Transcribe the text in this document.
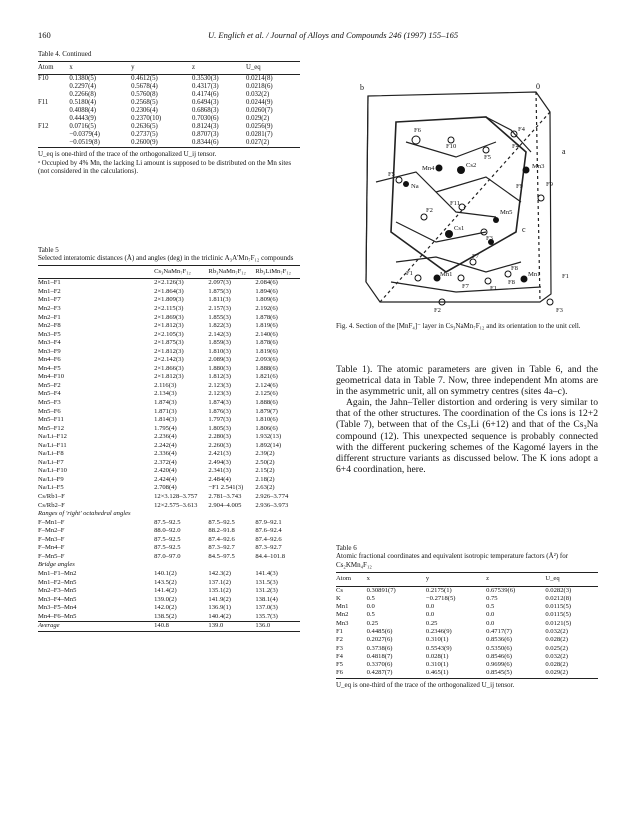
160	U. Englich et al. / Journal of Alloys and Compounds 246 (1997) 155–165
Table 4. Continued
Atom	x	y	z	U_eq
F10	0.1380(5)	0.4612(5)	0.3530(3)	0.0214(8)
	0.2297(4)	0.5678(4)	0.4317(3)	0.0218(6)
	0.2266(8)	0.5760(8)	0.4174(6)	0.032(2)
F11	0.5180(4)	0.2568(5)	0.6494(3)	0.0244(9)
	0.4088(4)	0.2306(4)	0.6868(3)	0.0260(7)
	0.4443(9)	0.2370(10)	0.7030(6)	0.029(2)
F12	0.0716(5)	0.2636(5)	0.8124(3)	0.0256(9)
	−0.0379(4)	0.2737(5)	0.8707(3)	0.0281(7)
	−0.0519(8)	0.2600(9)	0.8344(6)	0.027(2)
U_eq is one-third of the trace of the orthogonalized U_ij tensor.
ᵃ Occupied by 4% Mn, the lacking Li amount is supposed to be distributed on the Mn sites (not considered in the calculations).
Table 5
Selected interatomic distances (Å) and angles (deg) in the triclinic A₃A'Mn₇F₁₂ compounds
	Cs₃NaMn₇F₁₂	Rb₃NaMn₇F₁₂	Rb₃LiMn₇F₁₂
Mn1–F1	2×2.126(3)	2.097(3)	2.084(6)
Mn1–F2	2×1.864(3)	1.875(3)	1.894(6)
Mn1–F7	2×1.809(3)	1.811(3)	1.809(6)
Mn2–F3	2×2.115(3)	2.157(3)	2.192(6)
Mn2–F1	2×1.869(3)	1.855(3)	1.878(6)
Mn2–F8	2×1.812(3)	1.822(3)	1.819(6)
Mn3–F5	2×2.105(3)	2.142(3)	2.140(6)
Mn3–F4	2×1.875(3)	1.859(3)	1.878(6)
Mn3–F9	2×1.812(3)	1.810(3)	1.819(6)
Mn4–F6	2×2.142(3)	2.089(3)	2.093(6)
Mn4–F5	2×1.866(3)	1.880(3)	1.888(6)
Mn4–F10	2×1.812(3)	1.812(3)	1.821(6)
Mn5–F2	2.116(3)	2.123(3)	2.124(6)
Mn5–F4	2.134(3)	2.123(3)	2.125(6)
Mn5–F3	1.874(3)	1.874(3)	1.888(6)
Mn5–F6	1.871(3)	1.876(3)	1.879(7)
Mn5–F11	1.814(3)	1.797(3)	1.810(6)
Mn5–F12	1.795(4)	1.805(3)	1.806(6)
Na/Li–F12	2.236(4)	2.280(3)	1.932(13)
Na/Li–F11	2.242(4)	2.260(3)	1.892(14)
Na/Li–F8	2.336(4)	2.421(3)	2.39(2)
Na/Li–F7	2.372(4)	2.494(3)	2.50(2)
Na/Li–F10	2.420(4)	2.341(3)	2.15(2)
Na/Li–F9	2.424(4)	2.484(4)	2.18(2)
Na/Li–F5	2.708(4)	−F1 2.541(3)	2.63(2)
Cs/Rb1–F	12×3.128–3.757	2.781–3.743	2.926–3.774
Cs/Rb2–F	12×2.575–3.613	2.904–4.005	2.936–3.973
Ranges of 'right' octahedral angles			
F–Mn1–F	87.5–92.5	87.5–92.5	87.9–92.1
F–Mn2–F	88.0–92.0	88.2–91.8	87.6–92.4
F–Mn3–F	87.5–92.5	87.4–92.6	87.4–92.6
F–Mn4–F	87.5–92.5	87.3–92.7	87.3–92.7
F–Mn5–F	87.0–97.0	84.5–97.5	84.4–101.8
Bridge angles			
Mn1–F1–Mn2	140.1(2)	142.3(2)	141.4(3)
Mn1–F2–Mn5	143.5(2)	137.1(2)	131.5(3)
Mn2–F3–Mn5	141.4(2)	135.1(2)	131.2(3)
Mn3–F4–Mn5	139.0(2)	141.9(2)	138.1(4)
Mn3–F5–Mn4	142.0(2)	136.9(1)	137.0(3)
Mn4–F6–Mn5	138.5(2)	140.4(2)	135.7(3)
Average	140.8	139.0	136.0
b	0
a
c
F6
F10
F5
F4
Mn4	Cs2	Mn3
Na	F9
F11
Mn5
F2
Cs1
F3
F7
F8
F1	Mn1	Mn1	F1
F7	F1
F8
F2	F3
F5
F4
F9
Fig. 4. Section of the [MnF₄]⁻ layer in Cs₃NaMn₇F₁₂ and its orientation to the unit cell.

Table 1). The atomic parameters are given in Table 6, and the geometrical data in Table 7. Now, three independent Mn atoms are in the asymmetric unit, all on symmetry centres (sites 4a–c).

Again, the Jahn–Teller distortion and ordering is very similar to that of the other structures. The coordination of the Cs ions is 12+2 (Table 7), between that of the Cs₃Li (6+12) and that of the Cs₃Na compound (12). This unexpected sequence is probably connected with the different puckering schemes of the Kagomé layers in the different structure variants as discussed below. The K ions adopt a 6+4 coordination, here.

Table 6
Atomic fractional coordinates and equivalent isotropic temperature factors (Å²) for Cs₂KMn₄F₁₂
Atom	x	y	z	U_eq
Cs	0.30891(7)	0.2175(1)	0.67539(6)	0.0282(3)
K	0.5	−0.2718(5)	0.75	0.0212(8)
Mn1	0.0	0.0	0.5	0.0115(5)
Mn2	0.5	0.0	0.0	0.0115(5)
Mn3	0.25	0.25	0.0	0.0121(5)
F1	0.4485(6)	0.2346(9)	0.4717(7)	0.032(2)
F2	0.2027(6)	0.310(1)	0.8536(6)	0.028(2)
F3	0.3738(6)	0.5543(9)	0.5350(6)	0.025(2)
F4	0.4818(7)	0.028(1)	0.8546(6)	0.032(2)
F5	0.3370(6)	0.310(1)	0.9699(6)	0.028(2)
F6	0.4287(7)	0.465(1)	0.8545(5)	0.029(2)
U_eq is one-third of the trace of the orthogonalized U_ij tensor.
